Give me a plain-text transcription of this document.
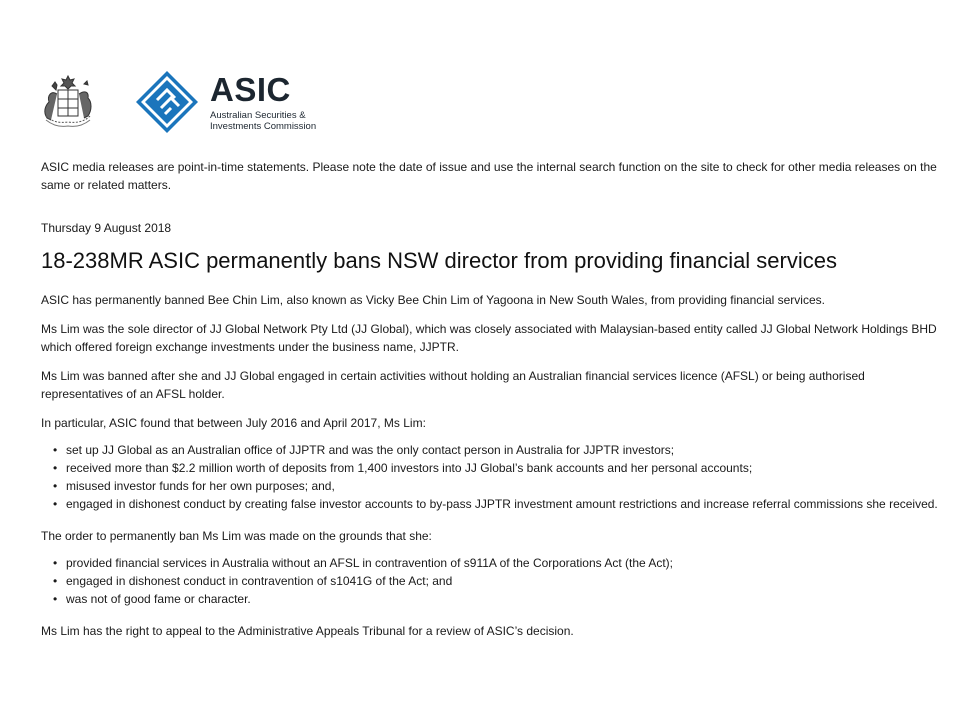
ASIC
Australian Securities &
Investments Commission

ASIC media releases are point-in-time statements. Please note the date of issue and use the internal search function on the site to check for other media releases on the same or related matters.

Thursday 9 August 2018

18-238MR ASIC permanently bans NSW director from providing financial services

ASIC has permanently banned Bee Chin Lim, also known as Vicky Bee Chin Lim of Yagoona in New South Wales, from providing financial services.

Ms Lim was the sole director of JJ Global Network Pty Ltd (JJ Global), which was closely associated with Malaysian-based entity called JJ Global Network Holdings BHD which offered foreign exchange investments under the business name, JJPTR.

Ms Lim was banned after she and JJ Global engaged in certain activities without holding an Australian financial services licence (AFSL) or being authorised representatives of an AFSL holder.

In particular, ASIC found that between July 2016 and April 2017, Ms Lim:

• set up JJ Global as an Australian office of JJPTR and was the only contact person in Australia for JJPTR investors;
• received more than $2.2 million worth of deposits from 1,400 investors into JJ Global’s bank accounts and her personal accounts;
• misused investor funds for her own purposes; and,
• engaged in dishonest conduct by creating false investor accounts to by-pass JJPTR investment amount restrictions and increase referral commissions she received.

The order to permanently ban Ms Lim was made on the grounds that she:

• provided financial services in Australia without an AFSL in contravention of s911A of the Corporations Act (the Act);
• engaged in dishonest conduct in contravention of s1041G of the Act; and
• was not of good fame or character.

Ms Lim has the right to appeal to the Administrative Appeals Tribunal for a review of ASIC’s decision.
